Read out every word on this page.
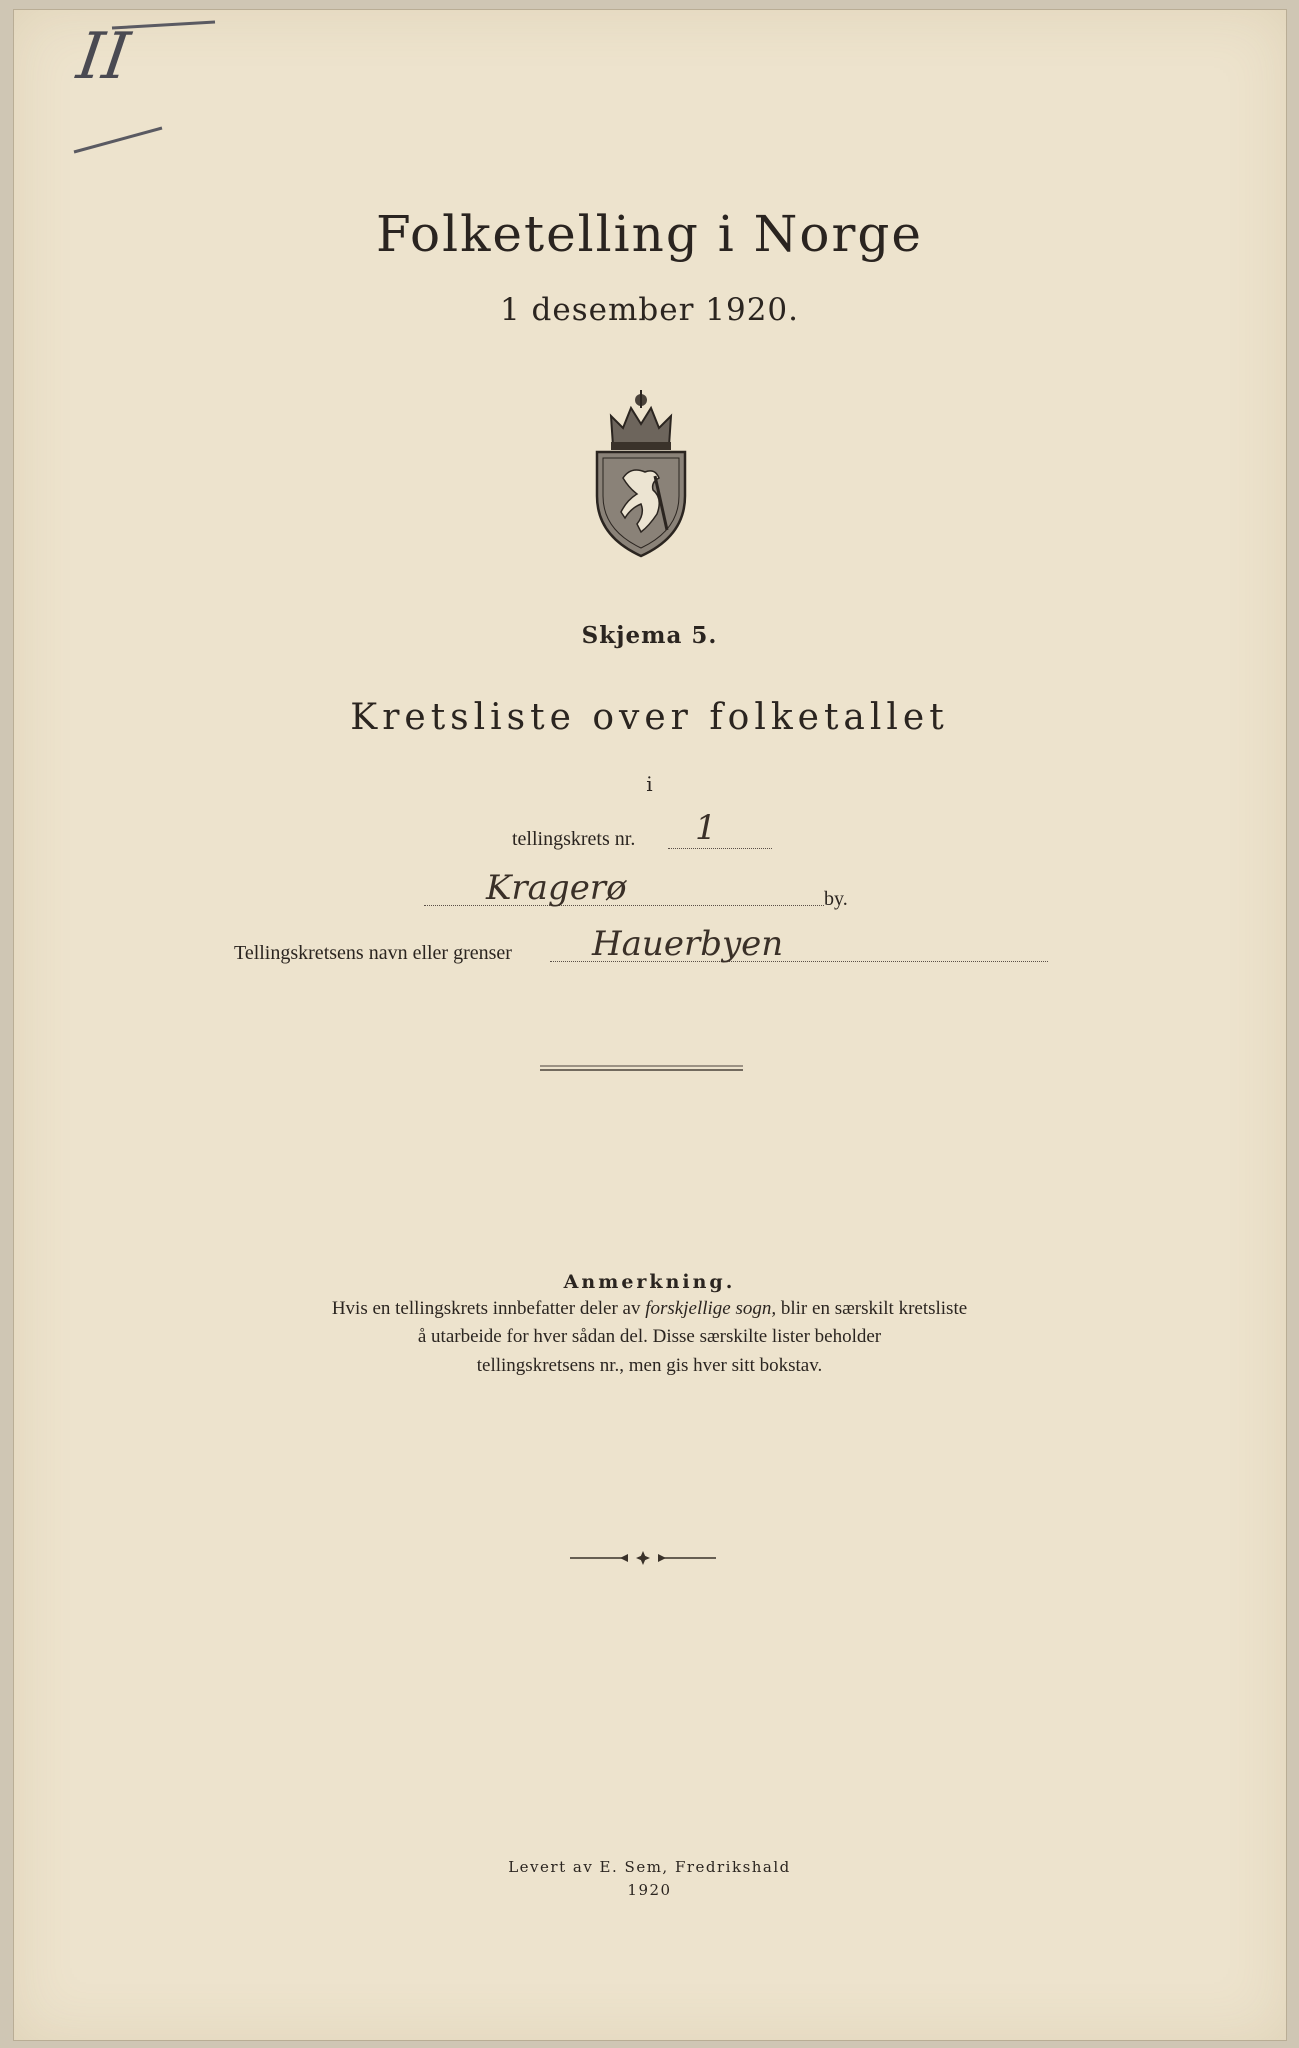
II
Folketelling i Norge
1 desember 1920.
Skjema 5.
Kretsliste over folketallet
i
tellingskrets nr. 1
Kragerø	by.
Tellingskretsens navn eller grenser Hauerbyen
Anmerkning.
Hvis en tellingskrets innbefatter deler av forskjellige sogn, blir en særskilt kretsliste
å utarbeide for hver sådan del. Disse særskilte lister beholder
tellingskretsens nr., men gis hver sitt bokstav.
Levert av E. Sem, Fredrikshald
1920
